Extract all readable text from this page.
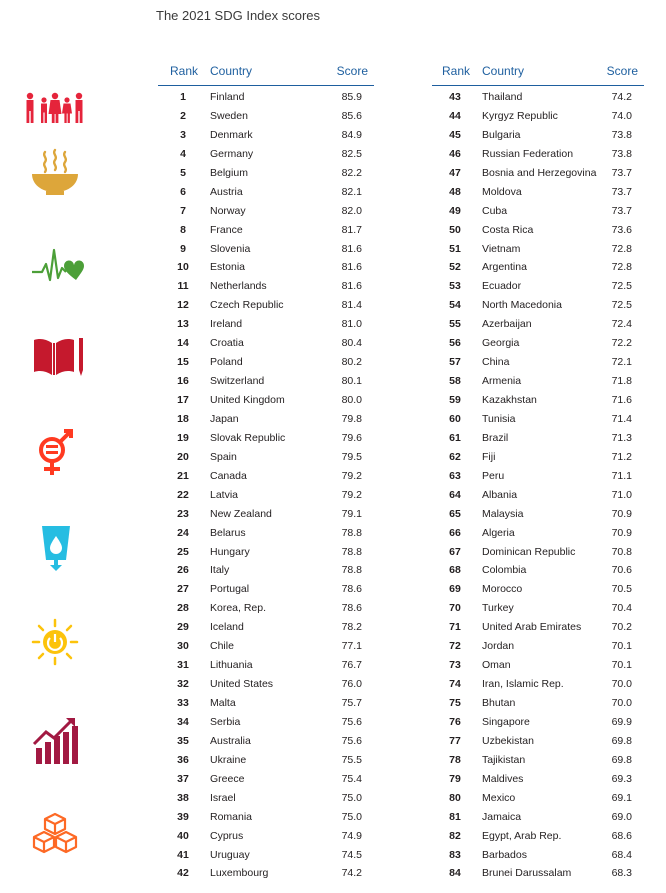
The 2021 SDG Index scores
Rank Country	Score
1	Finland	85.9
2	Sweden	85.6
3	Denmark	84.9
4	Germany	82.5
5	Belgium	82.2
6	Austria	82.1
7	Norway	82.0
8	France	81.7
9	Slovenia	81.6
10	Estonia	81.6
11	Netherlands	81.6
12	Czech Republic	81.4
13	Ireland	81.0
14	Croatia	80.4
15	Poland	80.2
16	Switzerland	80.1
17	United Kingdom	80.0
18	Japan	79.8
19	Slovak Republic	79.6
20	Spain	79.5
21	Canada	79.2
22	Latvia	79.2
23	New Zealand	79.1
24	Belarus	78.8
25	Hungary	78.8
26	Italy	78.8
27	Portugal	78.6
28	Korea, Rep.	78.6
29	Iceland	78.2
30	Chile	77.1
31	Lithuania	76.7
32	United States	76.0
33	Malta	75.7
34	Serbia	75.6
35	Australia	75.6
36	Ukraine	75.5
37	Greece	75.4
38	Israel	75.0
39	Romania	75.0
40	Cyprus	74.9
41	Uruguay	74.5
42	Luxembourg	74.2
Rank Country	Score
43	Thailand	74.2
44	Kyrgyz Republic	74.0
45	Bulgaria	73.8
46	Russian Federation	73.8
47	Bosnia and Herzegovina 73.7
48	Moldova	73.7
49	Cuba	73.7
50	Costa Rica	73.6
51	Vietnam	72.8
52	Argentina	72.8
53	Ecuador	72.5
54	North Macedonia	72.5
55	Azerbaijan	72.4
56	Georgia	72.2
57	China	72.1
58	Armenia	71.8
59	Kazakhstan	71.6
60	Tunisia	71.4
61	Brazil	71.3
62	Fiji	71.2
63	Peru	71.1
64	Albania	71.0
65	Malaysia	70.9
66	Algeria	70.9
67	Dominican Republic	70.8
68	Colombia	70.6
69	Morocco	70.5
70	Turkey	70.4
71	United Arab Emirates	70.2
72	Jordan	70.1
73	Oman	70.1
74	Iran, Islamic Rep.	70.0
75	Bhutan	70.0
76	Singapore	69.9
77	Uzbekistan	69.8
78	Tajikistan	69.8
79	Maldives	69.3
80	Mexico	69.1
81	Jamaica	69.0
82	Egypt, Arab Rep.	68.6
83	Barbados	68.4
84	Brunei Darussalam	68.3
